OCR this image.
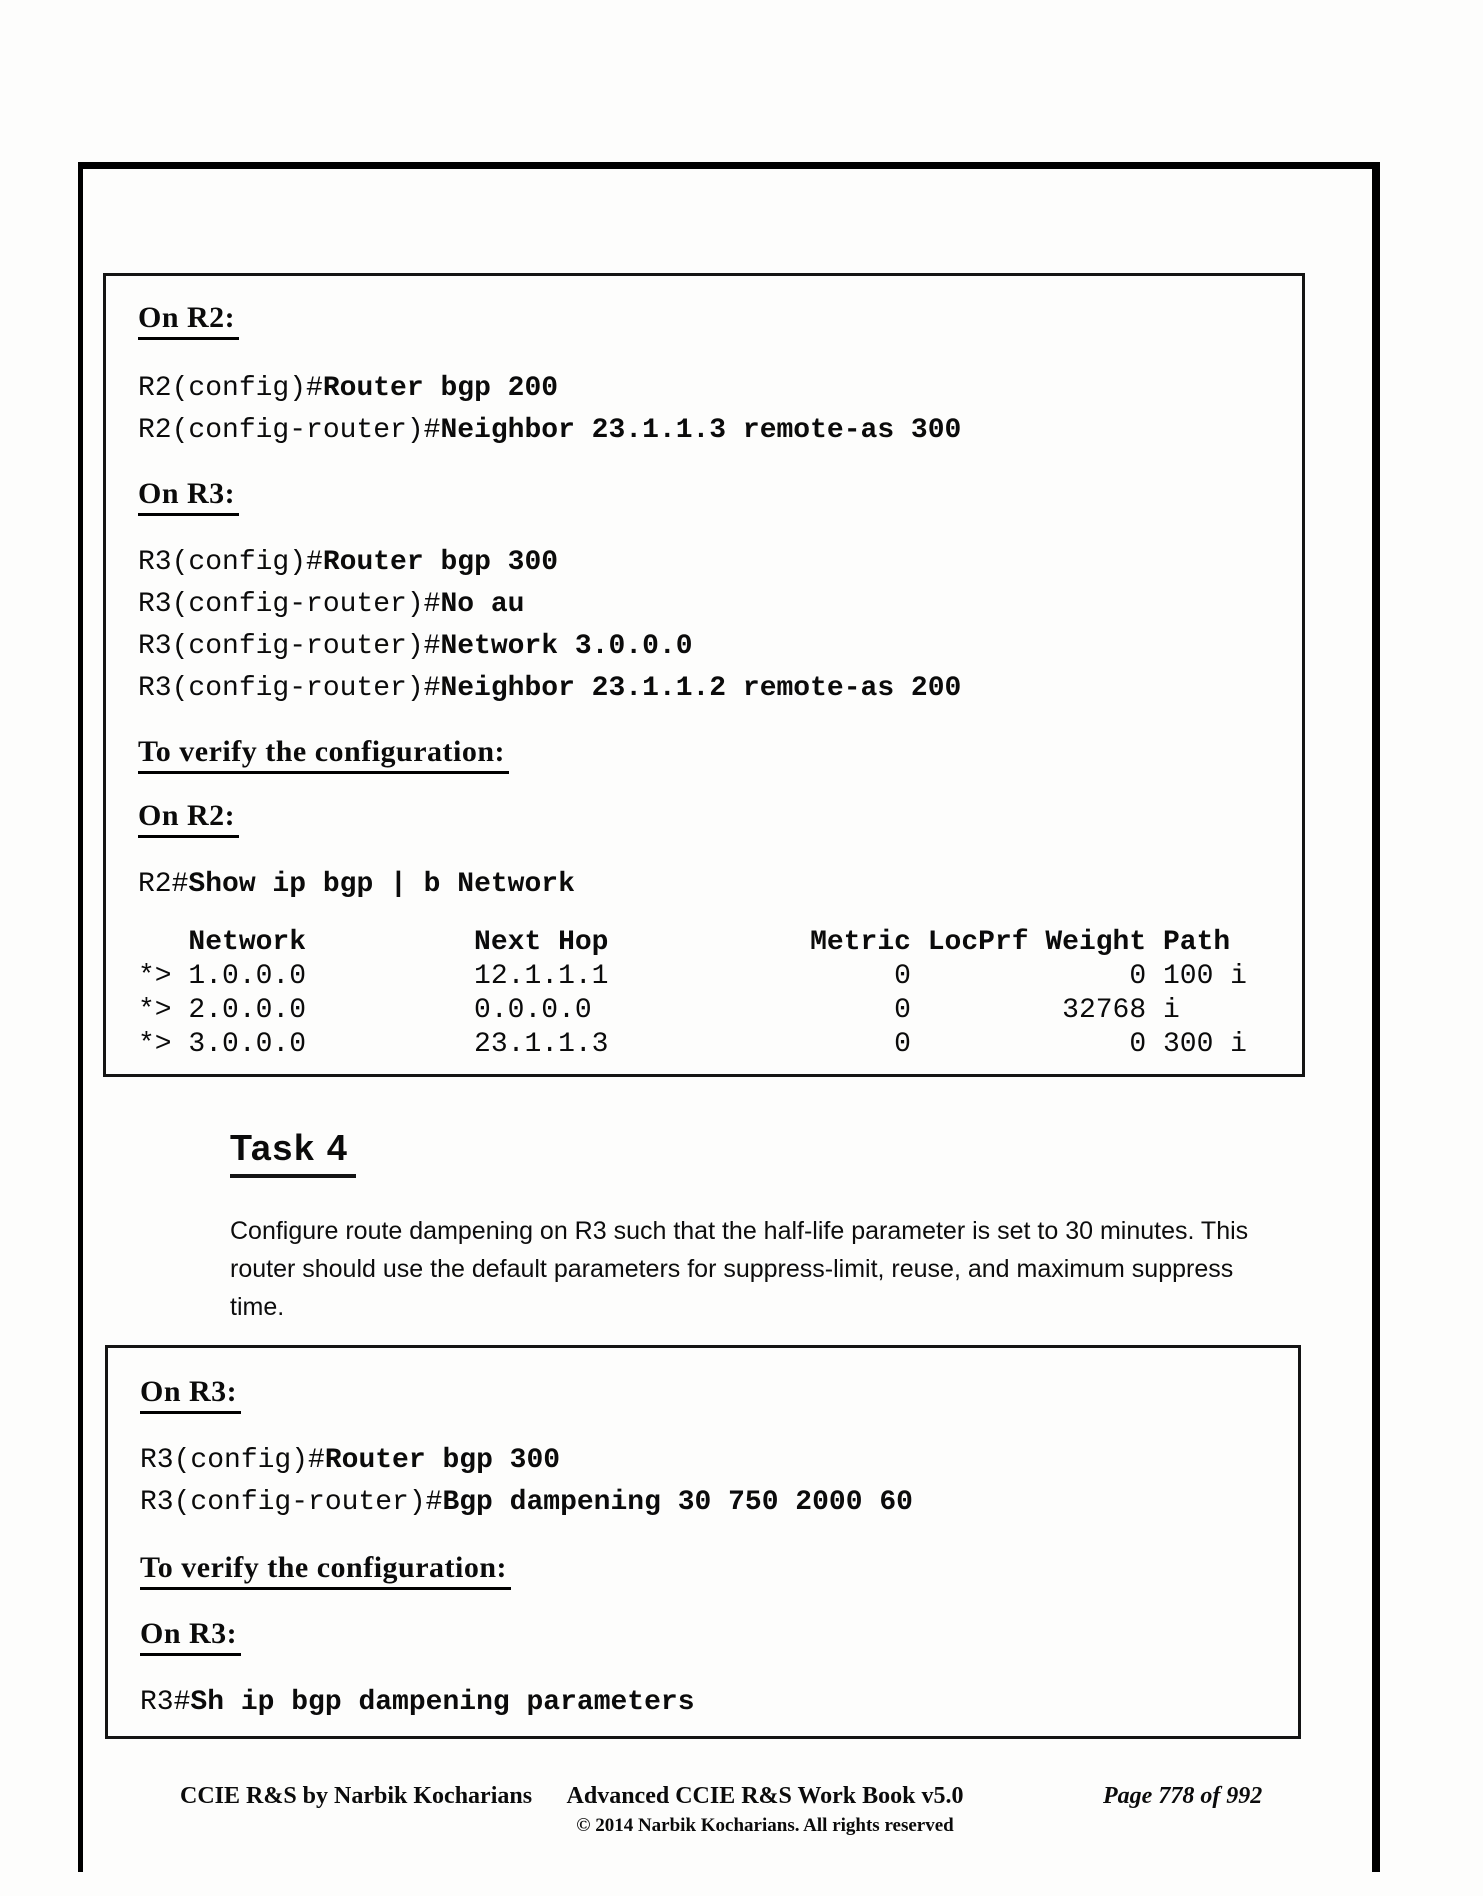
On R2:
R2(config)#Router bgp 200
R2(config-router)#Neighbor 23.1.1.3 remote-as 300
On R3:
R3(config)#Router bgp 300
R3(config-router)#No au
R3(config-router)#Network 3.0.0.0
R3(config-router)#Neighbor 23.1.1.2 remote-as 200
To verify the configuration:
On R2:
R2#Show ip bgp | b Network
Network          Next Hop            Metric LocPrf Weight Path
*> 1.0.0.0          12.1.1.1                 0             0 100 i
*> 2.0.0.0          0.0.0.0                  0         32768 i
*> 3.0.0.0          23.1.1.3                 0             0 300 i
Task 4
Configure route dampening on R3 such that the half-life parameter is set to 30 minutes. This router should use the default parameters for suppress-limit, reuse, and maximum suppress time.
On R3:
R3(config)#Router bgp 300
R3(config-router)#Bgp dampening 30 750 2000 60
To verify the configuration:
On R3:
R3#Sh ip bgp dampening parameters
CCIE R&S by Narbik Kocharians	Advanced CCIE R&S Work Book v5.0
© 2014 Narbik Kocharians. All rights reserved
Page 778 of 992
